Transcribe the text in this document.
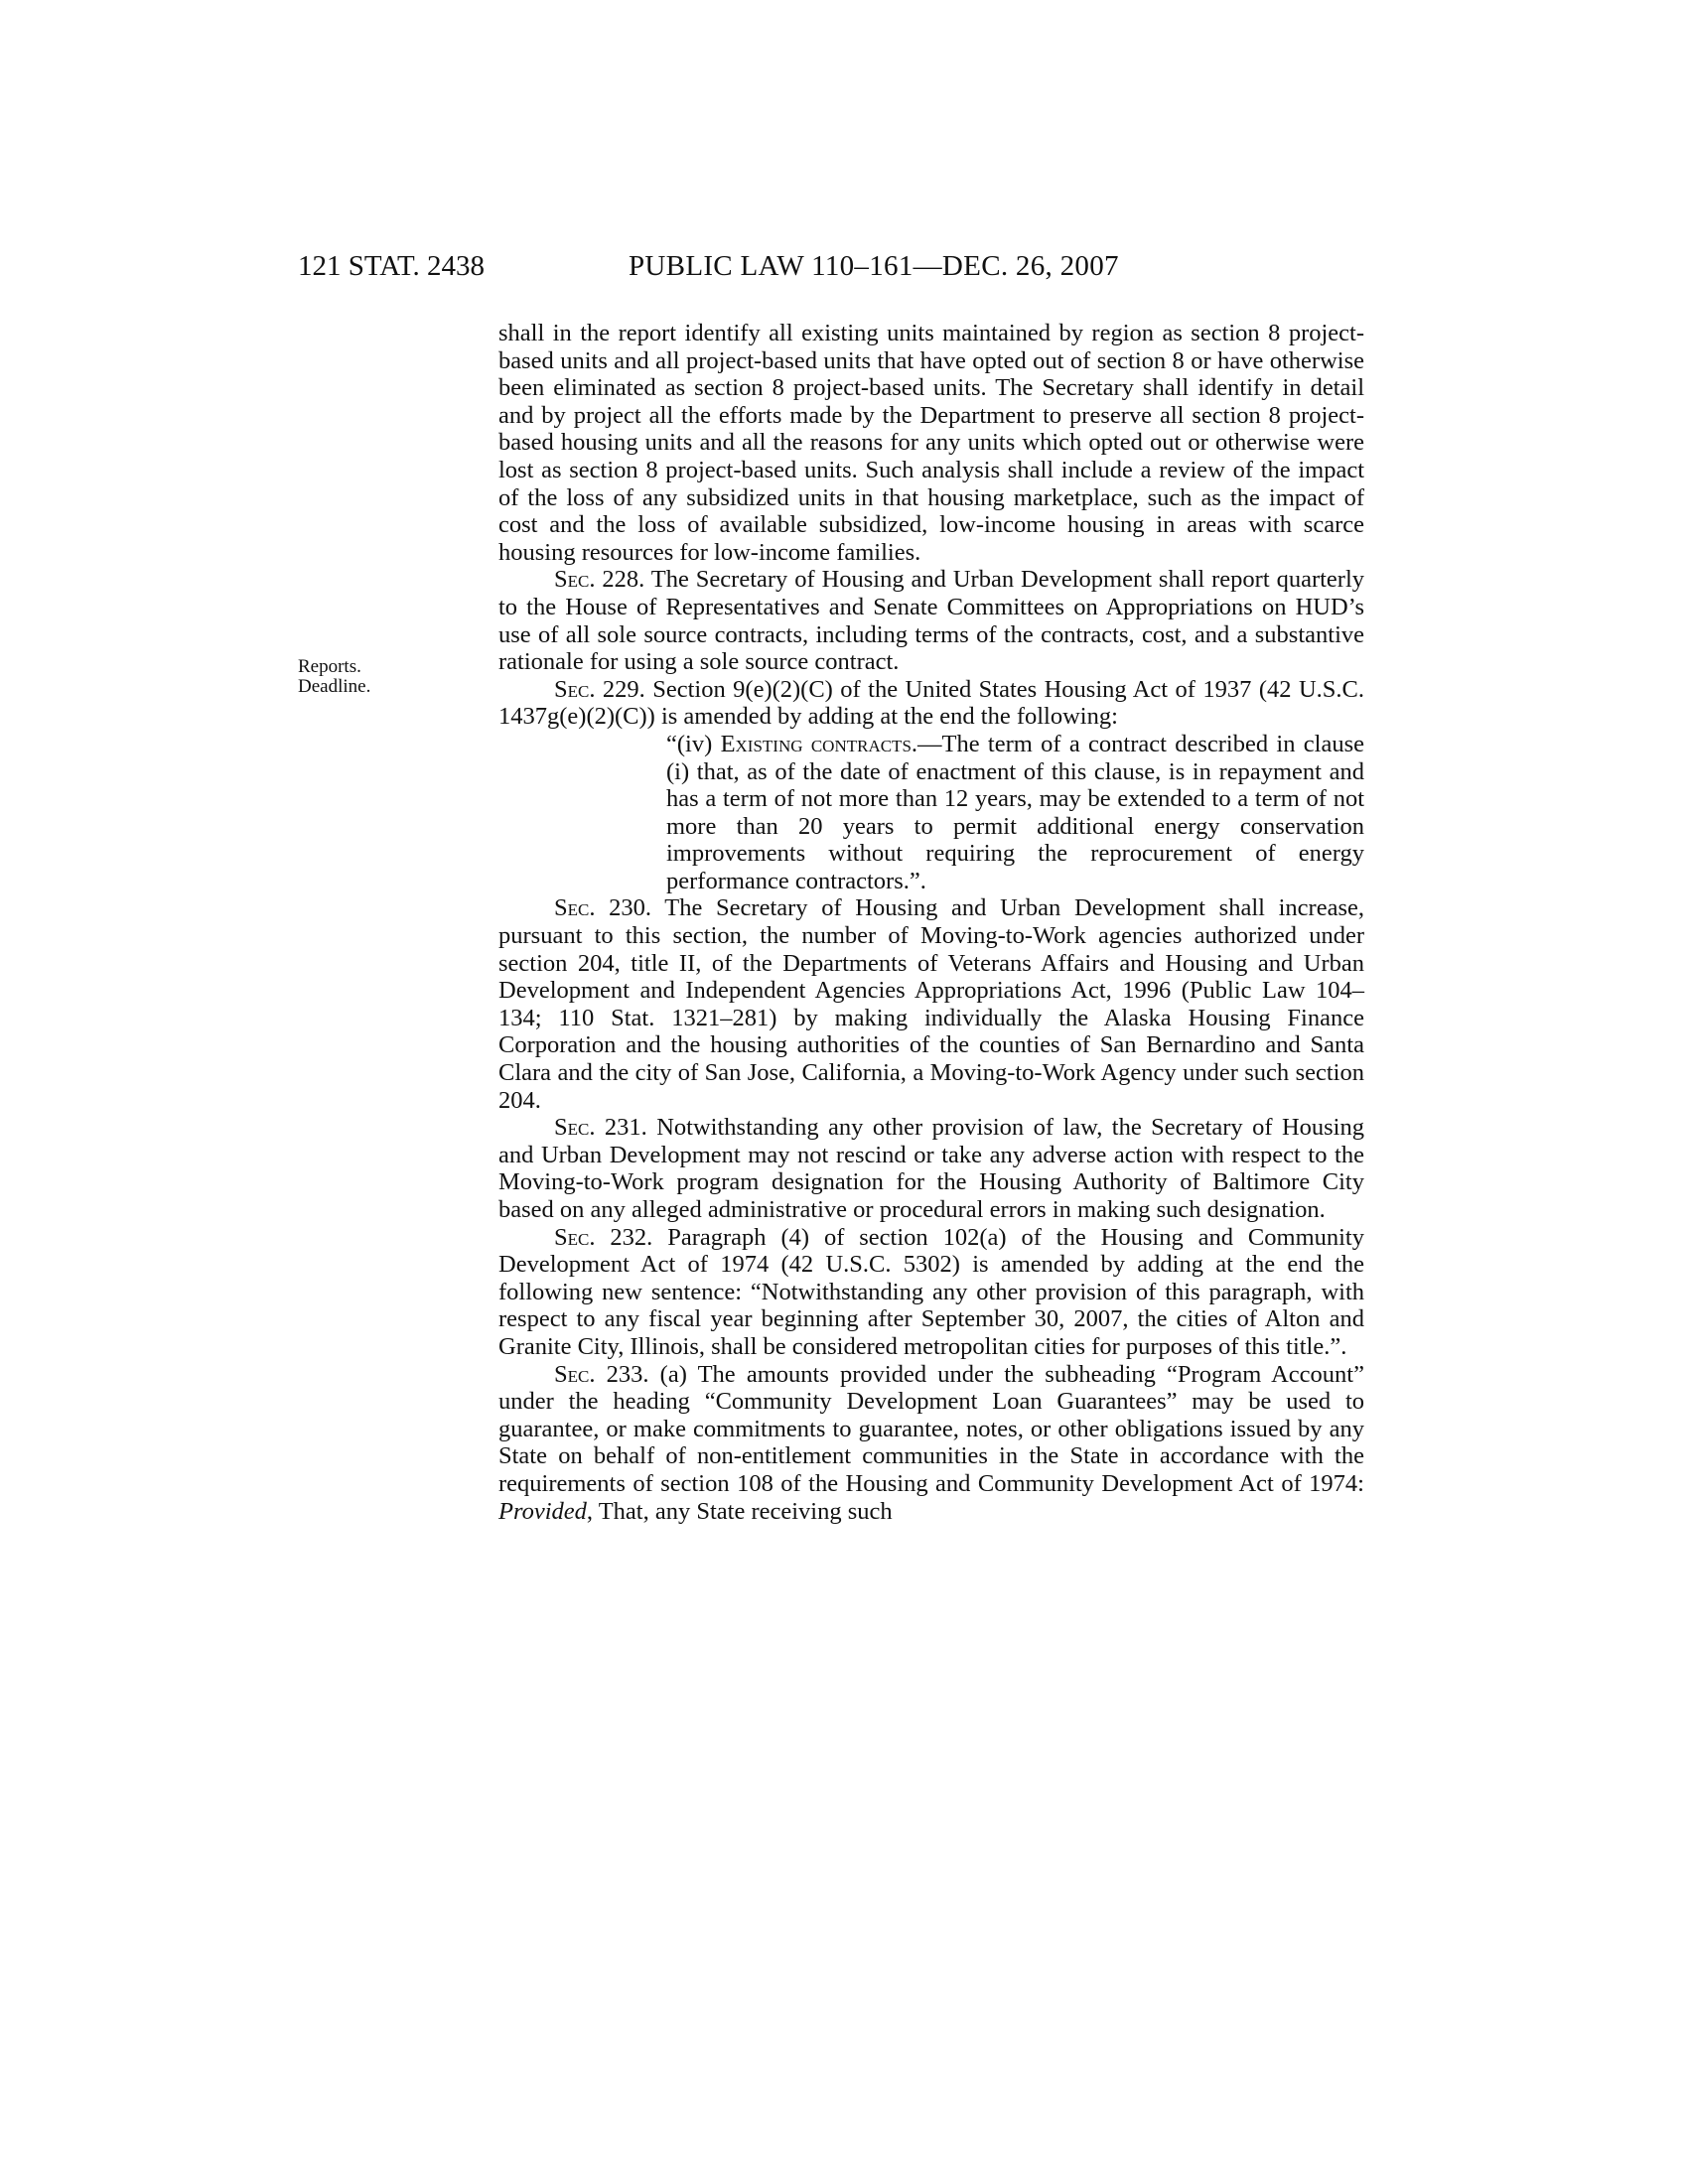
121 STAT. 2438	PUBLIC LAW 110–161—DEC. 26, 2007
Reports.
Deadline.

shall in the report identify all existing units maintained by region as section 8 project-based units and all project-based units that have opted out of section 8 or have otherwise been eliminated as section 8 project-based units. The Secretary shall identify in detail and by project all the efforts made by the Department to preserve all section 8 project-based housing units and all the reasons for any units which opted out or otherwise were lost as section 8 project-based units. Such analysis shall include a review of the impact of the loss of any subsidized units in that housing marketplace, such as the impact of cost and the loss of available subsidized, low-income housing in areas with scarce housing resources for low-income families.

Sec. 228. The Secretary of Housing and Urban Development shall report quarterly to the House of Representatives and Senate Committees on Appropriations on HUD’s use of all sole source contracts, including terms of the contracts, cost, and a substantive rationale for using a sole source contract.

Sec. 229. Section 9(e)(2)(C) of the United States Housing Act of 1937 (42 U.S.C. 1437g(e)(2)(C)) is amended by adding at the end the following:

“(iv) Existing contracts.—The term of a contract described in clause (i) that, as of the date of enactment of this clause, is in repayment and has a term of not more than 12 years, may be extended to a term of not more than 20 years to permit additional energy conservation improvements without requiring the reprocurement of energy performance contractors.”.

Sec. 230. The Secretary of Housing and Urban Development shall increase, pursuant to this section, the number of Moving-to-Work agencies authorized under section 204, title II, of the Departments of Veterans Affairs and Housing and Urban Development and Independent Agencies Appropriations Act, 1996 (Public Law 104–134; 110 Stat. 1321–281) by making individually the Alaska Housing Finance Corporation and the housing authorities of the counties of San Bernardino and Santa Clara and the city of San Jose, California, a Moving-to-Work Agency under such section 204.

Sec. 231. Notwithstanding any other provision of law, the Secretary of Housing and Urban Development may not rescind or take any adverse action with respect to the Moving-to-Work program designation for the Housing Authority of Baltimore City based on any alleged administrative or procedural errors in making such designation.

Sec. 232. Paragraph (4) of section 102(a) of the Housing and Community Development Act of 1974 (42 U.S.C. 5302) is amended by adding at the end the following new sentence: “Notwithstanding any other provision of this paragraph, with respect to any fiscal year beginning after September 30, 2007, the cities of Alton and Granite City, Illinois, shall be considered metropolitan cities for purposes of this title.”.

Sec. 233. (a) The amounts provided under the subheading “Program Account” under the heading “Community Development Loan Guarantees” may be used to guarantee, or make commitments to guarantee, notes, or other obligations issued by any State on behalf of non-entitlement communities in the State in accordance with the requirements of section 108 of the Housing and Community Development Act of 1974: Provided, That, any State receiving such
